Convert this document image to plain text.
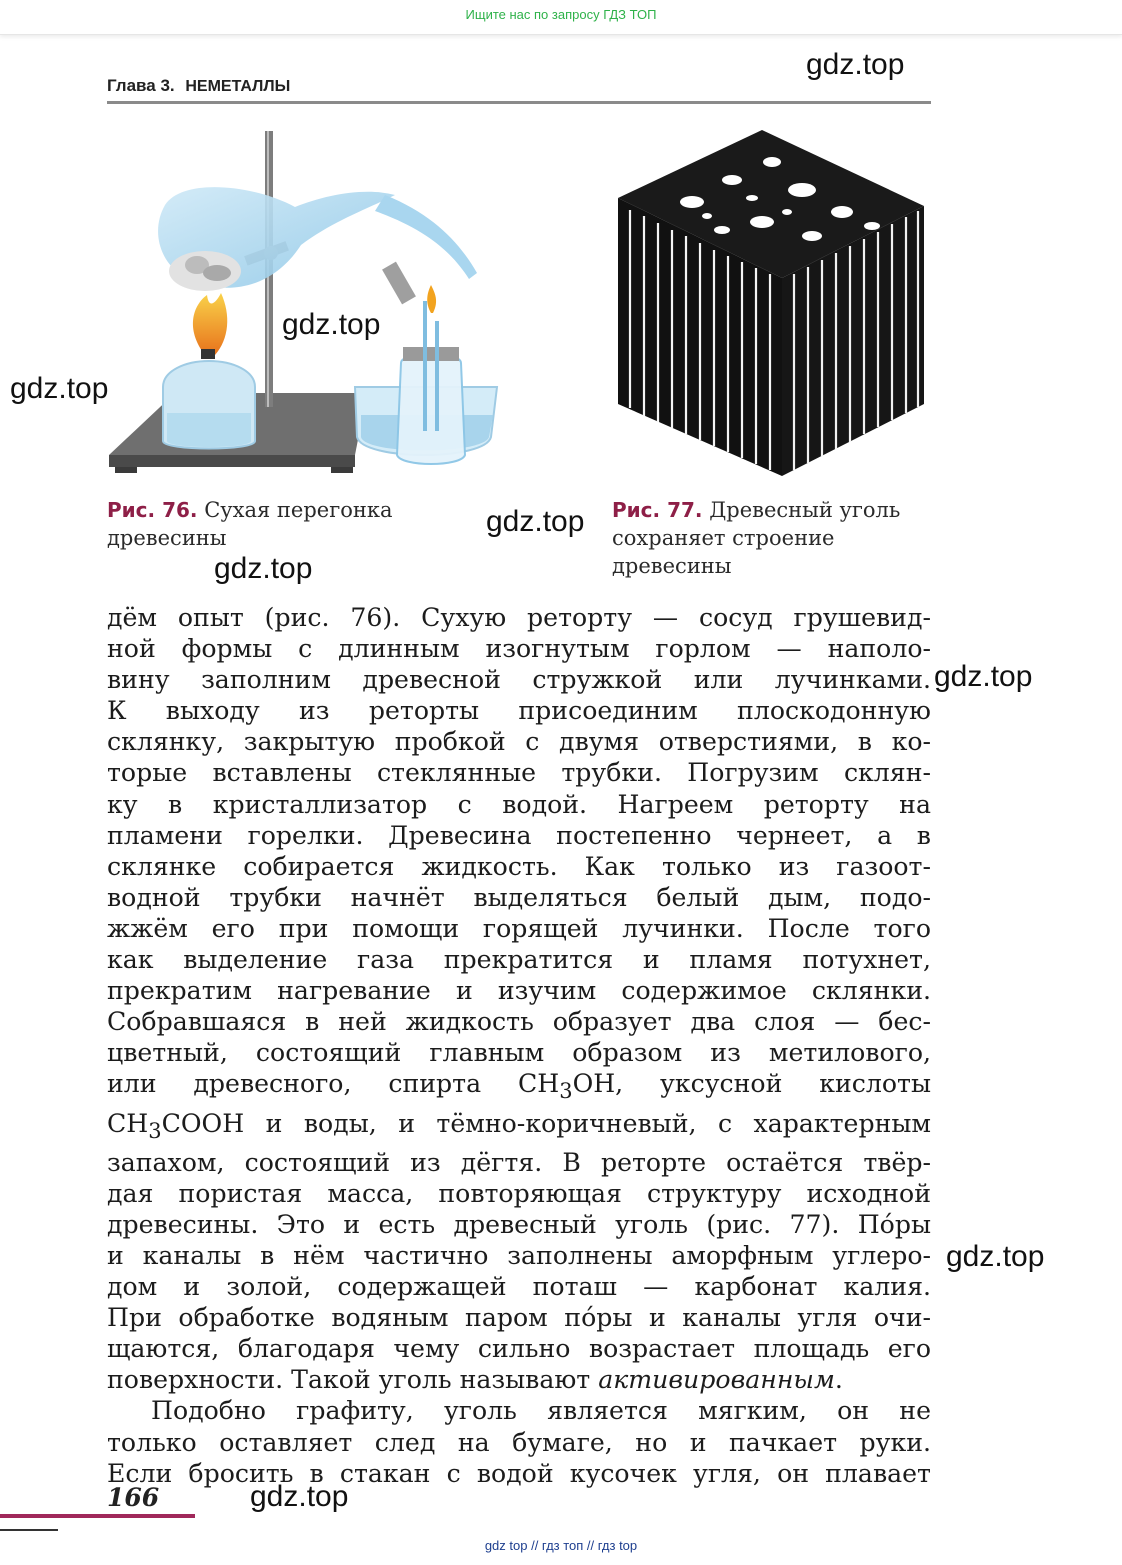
Ищите нас по запросу ГДЗ ТОП
Глава 3. НЕМЕТАЛЛЫ
Рис. 76. Сухая перегонка
древесины
Рис. 77. Древесный уголь
сохраняет строение
древесины

дём опыт (рис. 76). Сухую реторту — сосуд грушевид-

ной формы с длинным изогнутым горлом — наполо-

вину заполним древесной стружкой или лучинками.

К выходу из реторты присоединим плоскодонную

склянку, закрытую пробкой с двумя отверстиями, в ко-

торые вставлены стеклянные трубки. Погрузим склян-

ку в кристаллизатор с водой. Нагреем реторту на

пламени горелки. Древесина постепенно чернеет, а в

склянке собирается жидкость. Как только из газоот-

водной трубки начнёт выделяться белый дым, подо-

жжём его при помощи горящей лучинки. После того

как выделение газа прекратится и пламя потухнет,

прекратим нагревание и изучим содержимое склянки.

Собравшаяся в ней жидкость образует два слоя — бес-

цветный, состоящий главным образом из метилового,

или древесного, спирта $CH_3OH$, уксусной кислоты

$CH_3COOH$ и воды, и тёмно-коричневый, с характерным

запахом, состоящий из дёгтя. В реторте остаётся твёр-

дая пористая масса, повторяющая структуру исходной

древесины. Это и есть древесный уголь (рис. 77). По́ры

и каналы в нём частично заполнены аморфным углеро-

дом и золой, содержащей поташ — карбонат калия.

При обработке водяным паром по́ры и каналы угля очи-

щаются, благодаря чему сильно возрастает площадь его

поверхности. Такой уголь называют активированным.

Подобно графиту, уголь является мягким, он не

только оставляет след на бумаге, но и пачкает руки.

Если бросить в стакан с водой кусочек угля, он плавает

166
gdz.top
gdz.top
gdz.top
gdz.top
gdz.top
gdz.top
gdz.top
gdz.top
gdz top // гдз топ // гдз top
